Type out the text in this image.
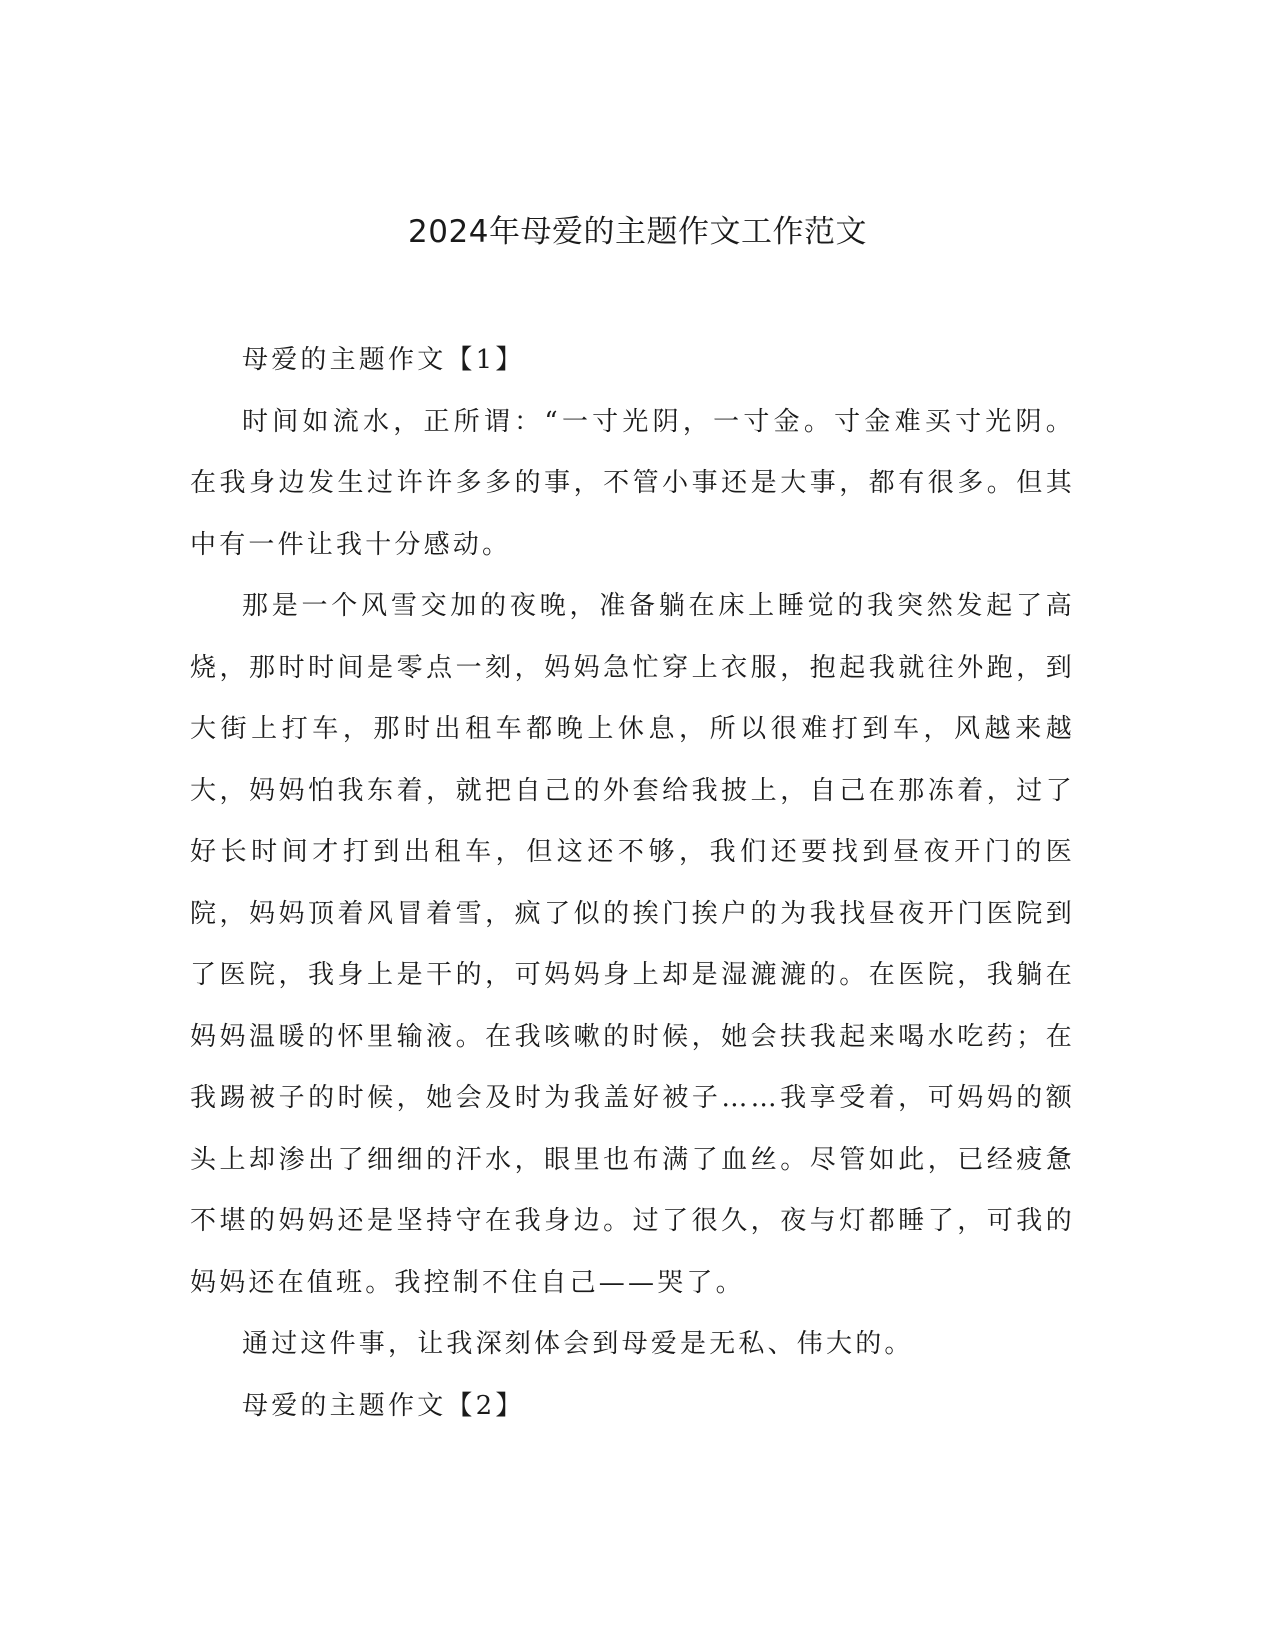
2024年母爱的主题作文工作范文

母爱的主题作文【1】

时间如流水，正所谓：“一寸光阴，一寸金。寸金难买寸光阴。在我身边发生过许许多多的事，不管小事还是大事，都有很多。但其中有一件让我十分感动。

那是一个风雪交加的夜晚，准备躺在床上睡觉的我突然发起了高烧，那时时间是零点一刻，妈妈急忙穿上衣服，抱起我就往外跑，到大街上打车，那时出租车都晚上休息，所以很难打到车，风越来越大，妈妈怕我东着，就把自己的外套给我披上，自己在那冻着，过了好长时间才打到出租车，但这还不够，我们还要找到昼夜开门的医院，妈妈顶着风冒着雪，疯了似的挨门挨户的为我找昼夜开门医院到了医院，我身上是干的，可妈妈身上却是湿漉漉的。在医院，我躺在妈妈温暖的怀里输液。在我咳嗽的时候，她会扶我起来喝水吃药；在我踢被子的时候，她会及时为我盖好被子……我享受着，可妈妈的额头上却渗出了细细的汗水，眼里也布满了血丝。尽管如此，已经疲惫不堪的妈妈还是坚持守在我身边。过了很久，夜与灯都睡了，可我的妈妈还在值班。我控制不住自己——哭了。

通过这件事，让我深刻体会到母爱是无私、伟大的。

母爱的主题作文【2】
